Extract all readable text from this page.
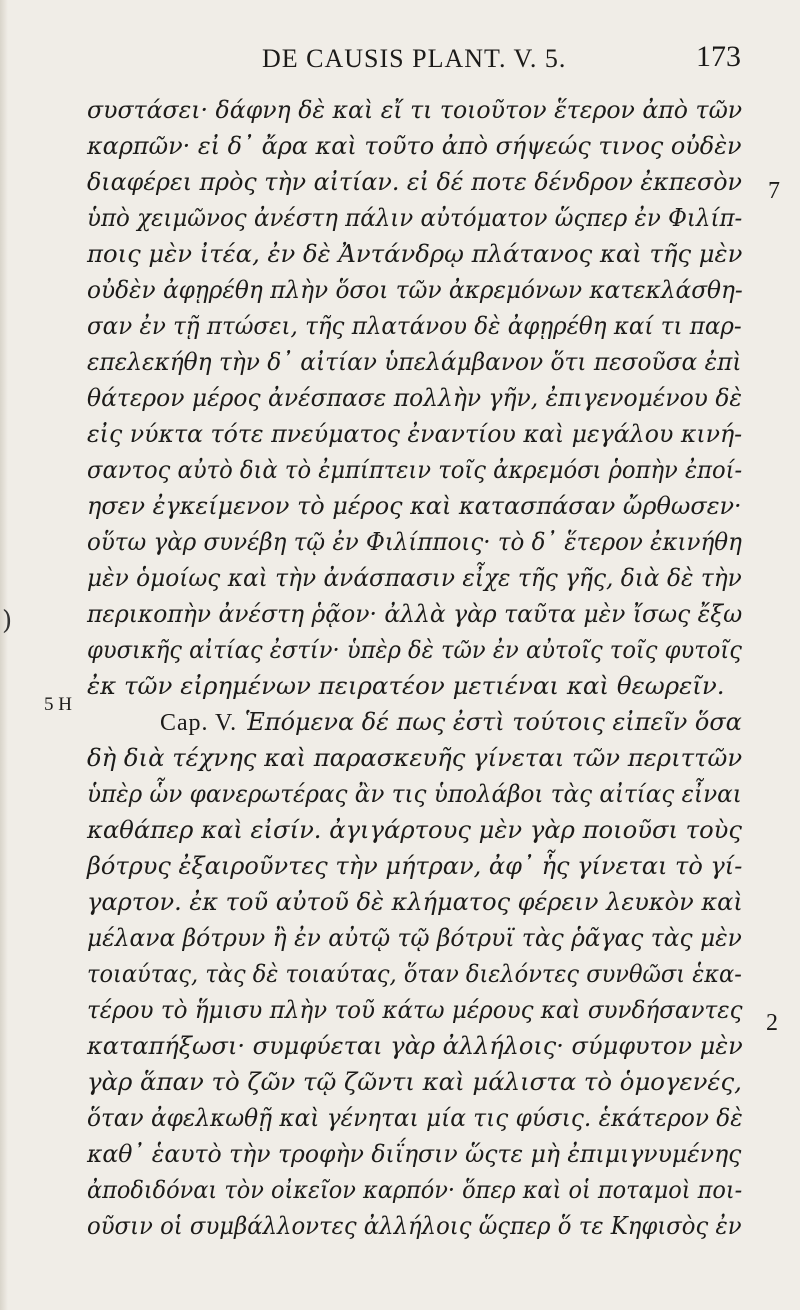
DE CAUSIS PLANT. V. 5.	173
)
7
5 H
2
συστάσει· δάφνη δὲ καὶ εἴ τι τοιοῦτον ἕτερον ἀπὸ τῶν
καρπῶν· εἰ δ᾽ ἄρα καὶ τοῦτο ἀπὸ σήψεώς τινος οὐδὲν
διαφέρει πρὸς τὴν αἰτίαν. εἰ δέ ποτε δένδρον ἐκπεσὸν
ὑπὸ χειμῶνος ἀνέστη πάλιν αὐτόματον ὥςπερ ἐν Φιλίπ-
ποις μὲν ἰτέα, ἐν δὲ Ἀντάνδρῳ πλάτανος καὶ τῆς μὲν
οὐδὲν ἀφῃρέθη πλὴν ὅσοι τῶν ἀκρεμόνων κατεκλάσθη-
σαν ἐν τῇ πτώσει, τῆς πλατάνου δὲ ἀφῃρέθη καί τι παρ-
επελεκήθη τὴν δ᾽ αἰτίαν ὑπελάμβανον ὅτι πεσοῦσα ἐπὶ
θάτερον μέρος ἀνέσπασε πολλὴν γῆν, ἐπιγενομένου δὲ
εἰς νύκτα τότε πνεύματος ἐναντίου καὶ μεγάλου κινή-
σαντος αὐτὸ διὰ τὸ ἐμπίπτειν τοῖς ἀκρεμόσι ῥοπὴν ἐποί-
ησεν ἐγκείμενον τὸ μέρος καὶ κατασπάσαν ὤρθωσεν·
οὕτω γὰρ συνέβη τῷ ἐν Φιλίπποις· τὸ δ᾽ ἕτερον ἐκινήθη
μὲν ὁμοίως καὶ τὴν ἀνάσπασιν εἶχε τῆς γῆς, διὰ δὲ τὴν
περικοπὴν ἀνέστη ῥᾷον· ἀλλὰ γὰρ ταῦτα μὲν ἴσως ἔξω
φυσικῆς αἰτίας ἐστίν· ὑπὲρ δὲ τῶν ἐν αὐτοῖς τοῖς φυτοῖς
ἐκ τῶν εἰρημένων πειρατέον μετιέναι καὶ θεωρεῖν.
Cap. V. Ἑπόμενα δέ πως ἐστὶ τούτοις εἰπεῖν ὅσα
δὴ διὰ τέχνης καὶ παρασκευῆς γίνεται τῶν περιττῶν
ὑπὲρ ὧν φανερωτέρας ἂν τις ὑπολάβοι τὰς αἰτίας εἶναι
καθάπερ καὶ εἰσίν. ἀγιγάρτους μὲν γὰρ ποιοῦσι τοὺς
βότρυς ἐξαιροῦντες τὴν μήτραν, ἀφ᾽ ἧς γίνεται τὸ γί-
γαρτον. ἐκ τοῦ αὐτοῦ δὲ κλήματος φέρειν λευκὸν καὶ
μέλανα βότρυν ἢ ἐν αὐτῷ τῷ βότρυϊ τὰς ῥᾶγας τὰς μὲν
τοιαύτας, τὰς δὲ τοιαύτας, ὅταν διελόντες συνθῶσι ἑκα-
τέρου τὸ ἥμισυ πλὴν τοῦ κάτω μέρους καὶ συνδήσαντες
καταπήξωσι· συμφύεται γὰρ ἀλλήλοις· σύμφυτον μὲν
γὰρ ἅπαν τὸ ζῶν τῷ ζῶντι καὶ μάλιστα τὸ ὁμογενές,
ὅταν ἀφελκωθῇ καὶ γένηται μία τις φύσις. ἑκάτερον δὲ
καθ᾽ ἑαυτὸ τὴν τροφὴν διΐησιν ὥςτε μὴ ἐπιμιγνυμένης
ἀποδιδόναι τὸν οἰκεῖον καρπόν· ὅπερ καὶ οἱ ποταμοὶ ποι-
οῦσιν οἱ συμβάλλοντες ἀλλήλοις ὥςπερ ὅ τε Κηφισὸς ἐν
